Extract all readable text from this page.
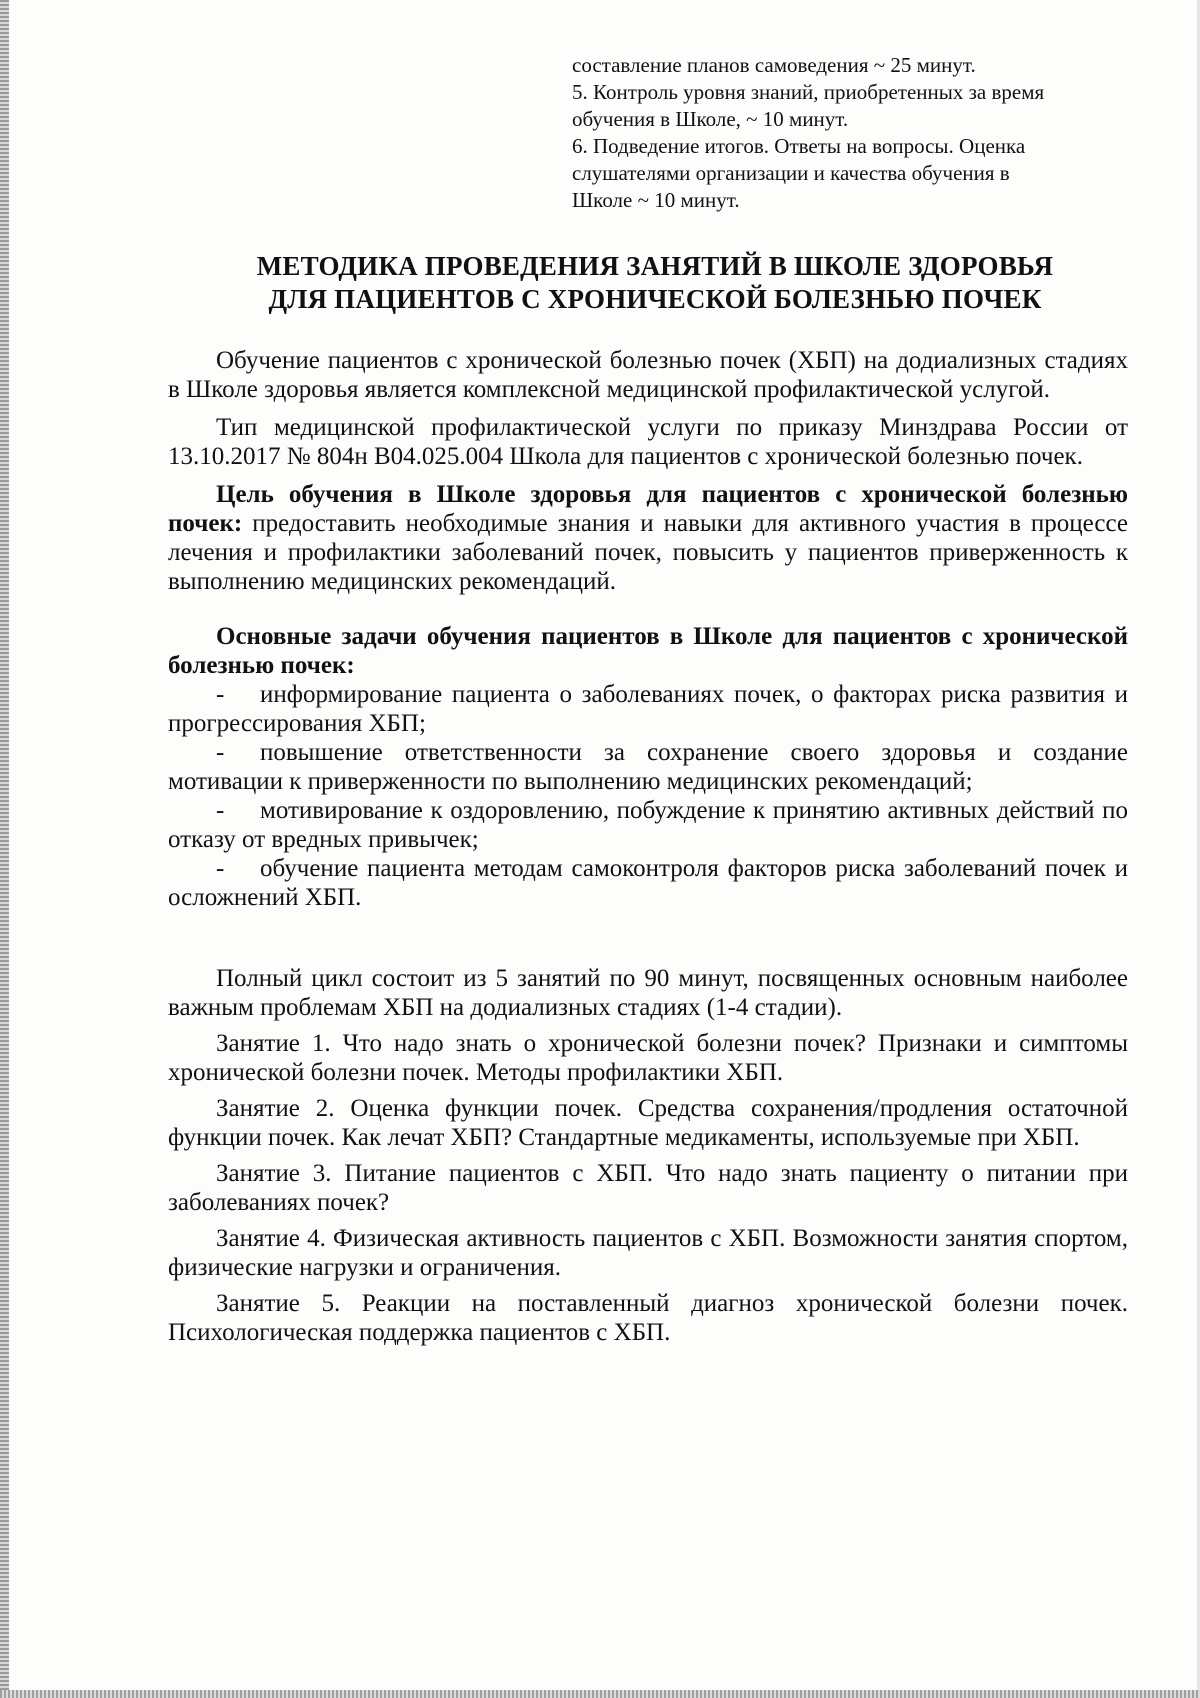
составление планов самоведения ~ 25 минут.

5. Контроль уровня знаний, приобретенных за время

обучения в Школе, ~ 10 минут.

6. Подведение итогов. Ответы на вопросы. Оценка

слушателями организации и качества обучения в

Школе ~ 10 минут.

МЕТОДИКА ПРОВЕДЕНИЯ ЗАНЯТИЙ В ШКОЛЕ ЗДОРОВЬЯ

ДЛЯ ПАЦИЕНТОВ С ХРОНИЧЕСКОЙ БОЛЕЗНЬЮ ПОЧЕК

Обучение пациентов с хронической болезнью почек (ХБП) на додиализных стадиях в Школе здоровья является комплексной медицинской профилактической услугой.

Тип медицинской профилактической услуги по приказу Минздрава России от 13.10.2017 № 804н B04.025.004 Школа для пациентов с хронической болезнью почек.

Цель обучения в Школе здоровья для пациентов с хронической болезнью почек: предоставить необходимые знания и навыки для активного участия в процессе лечения и профилактики заболеваний почек, повысить у пациентов приверженность к выполнению медицинских рекомендаций.

Основные задачи обучения пациентов в Школе для пациентов с хронической болезнью почек:

- информирование пациента о заболеваниях почек, о факторах риска развития и прогрессирования ХБП;
- повышение ответственности за сохранение своего здоровья и создание мотивации к приверженности по выполнению медицинских рекомендаций;
- мотивирование к оздоровлению, побуждение к принятию активных действий по отказу от вредных привычек;
- обучение пациента методам самоконтроля факторов риска заболеваний почек и осложнений ХБП.

Полный цикл состоит из 5 занятий по 90 минут, посвященных основным наиболее важным проблемам ХБП на додиализных стадиях (1-4 стадии).

Занятие 1. Что надо знать о хронической болезни почек? Признаки и симптомы хронической болезни почек. Методы профилактики ХБП.

Занятие 2. Оценка функции почек. Средства сохранения/продления остаточной функции почек. Как лечат ХБП? Стандартные медикаменты, используемые при ХБП.

Занятие 3. Питание пациентов с ХБП. Что надо знать пациенту о питании при заболеваниях почек?

Занятие 4. Физическая активность пациентов с ХБП. Возможности занятия спортом, физические нагрузки и ограничения.

Занятие 5. Реакции на поставленный диагноз хронической болезни почек. Психологическая поддержка пациентов с ХБП.
